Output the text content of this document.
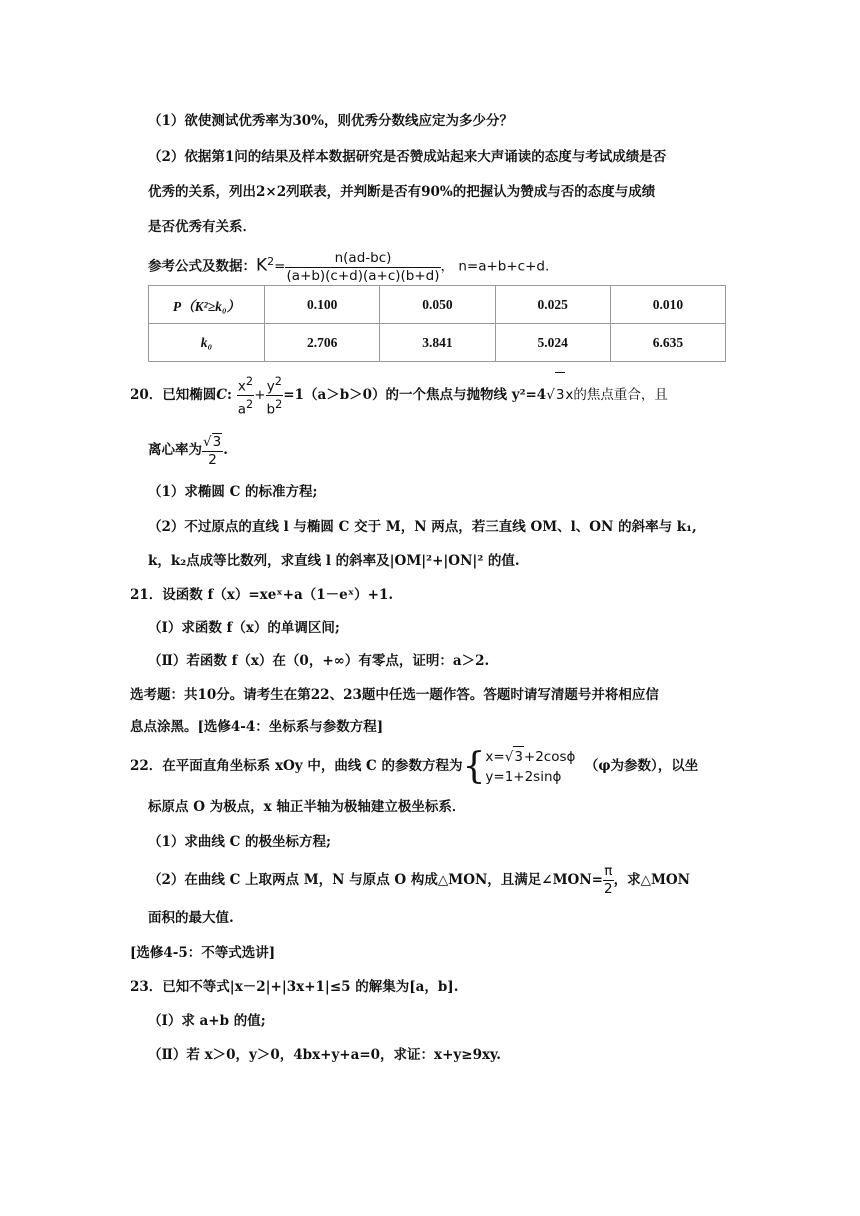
（1）欲使测试优秀率为30%，则优秀分数线应定为多少分？
（2）依据第1问的结果及样本数据研究是否赞成站起来大声诵读的态度与考试成绩是否
优秀的关系，列出2×2列联表，并判断是否有90%的把握认为赞成与否的态度与成绩
是否优秀有关系．
参考公式及数据：$K^2= \frac{n(ad-bc)}{(a+b)(c+d)(a+c)(b+d)}$ ， n=a+b+c+d.
P（K²≥k₀）	0.100	0.050	0.025	0.010
k₀	2.706	3.841	5.024	6.635
20．已知椭圆C: $\frac{x^2}{a^2} + \frac{y^2}{b^2} =1(a>b>0)$的一个焦点与抛物线 y²=4√3x的焦点重合，且
离心率为 $\frac{√3}{2}$ .
（1）求椭圆 C 的标准方程;
（2）不过原点的直线 l 与椭圆 C 交于 M，N 两点，若三直线 OM、l、ON 的斜率与 k₁,
k，k₂点成等比数列，求直线 l 的斜率及|OM|²+|ON|² 的值.
21．设函数 f（x）=xeˣ+a（1－eˣ）+1.
（Ⅰ）求函数 f（x）的单调区间;
（Ⅱ）若函数 f（x）在（0，+∞）有零点，证明：a＞2.
选考题：共10分。请考生在第22、23题中任选一题作答。答题时请写清题号并将相应信
息点涂黑。[选修4-4：坐标系与参数方程]
22．在平面直角坐标系 xOy 中，曲线 C 的参数方程为{ x=√3+2cosϕ
y=1+2sinϕ
（φ为参数），以坐
标原点 O 为极点，x 轴正半轴为极轴建立极坐标系．
（1）求曲线 C 的极坐标方程;
（2）在曲线 C 上取两点 M，N 与原点 O 构成△MON，且满足∠MON= $\frac{\pi}{2}$ ，求△MON
面积的最大值.
[选修4-5：不等式选讲]
23．已知不等式|x－2|+|3x+1|≤5 的解集为[a，b].
（Ⅰ）求 a+b 的值;
（Ⅱ）若 x＞0，y＞0，4bx+y+a=0，求证：x+y≥9xy.
